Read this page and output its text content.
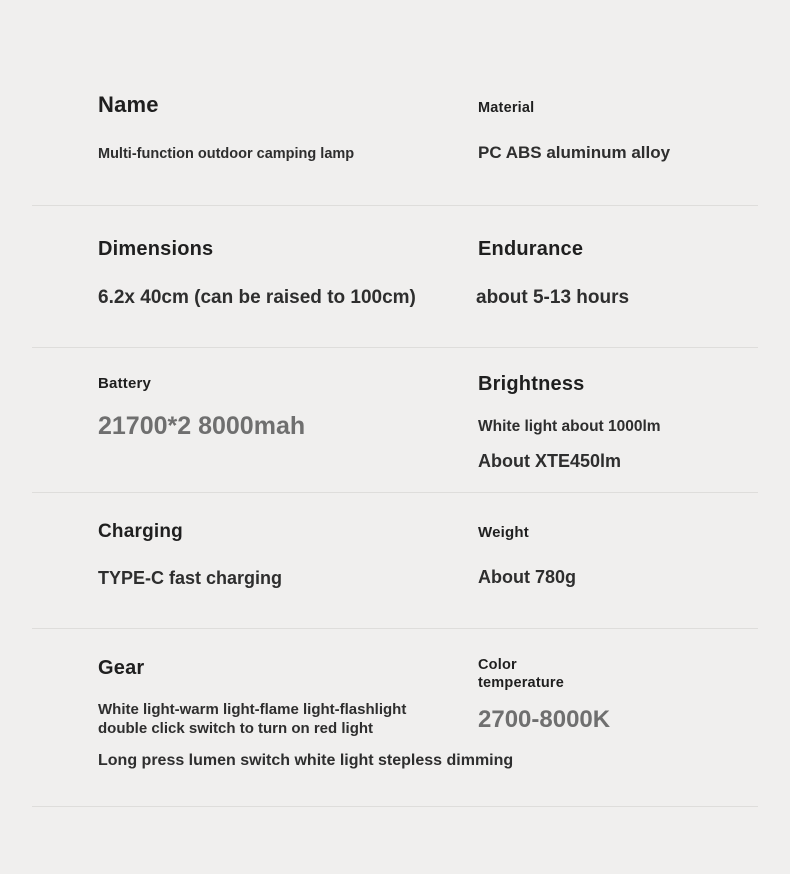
Name
Multi-function outdoor camping lamp
Material
PC ABS aluminum alloy
Dimensions	Endurance
6.2x 40cm (can be raised to 100cm)	about 5-13 hours
Battery
21700*2 8000mah
Brightness
White light about 1000lm
About XTE450lm
Charging
TYPE-C fast charging
Weight
About 780g
Gear
White light-warm light-flame light-flashlight double click switch to turn on red light
Color temperature
2700-8000K
Long press lumen switch white light stepless dimming
